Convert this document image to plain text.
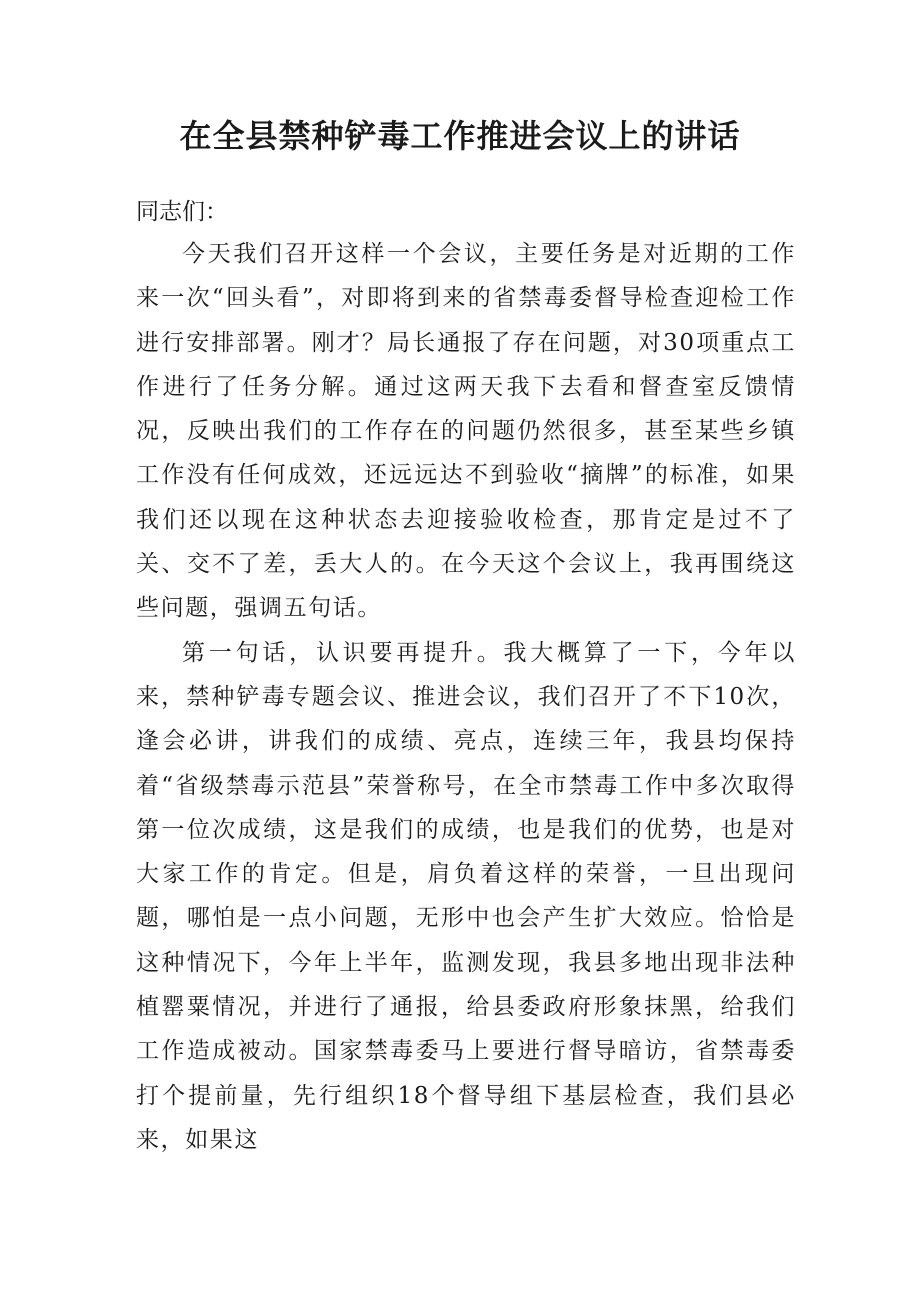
在全县禁种铲毒工作推进会议上的讲话

同志们：

今天我们召开这样一个会议，主要任务是对近期的工作来一次“回头看”，对即将到来的省禁毒委督导检查迎检工作进行安排部署。刚才？局长通报了存在问题，对30项重点工作进行了任务分解。通过这两天我下去看和督查室反馈情况，反映出我们的工作存在的问题仍然很多，甚至某些乡镇工作没有任何成效，还远远达不到验收“摘牌”的标准，如果我们还以现在这种状态去迎接验收检查，那肯定是过不了关、交不了差，丢大人的。在今天这个会议上，我再围绕这些问题，强调五句话。

第一句话，认识要再提升。我大概算了一下，今年以来，禁种铲毒专题会议、推进会议，我们召开了不下10次，逢会必讲，讲我们的成绩、亮点，连续三年，我县均保持着“省级禁毒示范县”荣誉称号，在全市禁毒工作中多次取得第一位次成绩，这是我们的成绩，也是我们的优势，也是对大家工作的肯定。但是，肩负着这样的荣誉，一旦出现问题，哪怕是一点小问题，无形中也会产生扩大效应。恰恰是这种情况下，今年上半年，监测发现，我县多地出现非法种植罂粟情况，并进行了通报，给县委政府形象抹黑，给我们工作造成被动。国家禁毒委马上要进行督导暗访，省禁毒委打个提前量，先行组织18个督导组下基层检查，我们县必来，如果这
